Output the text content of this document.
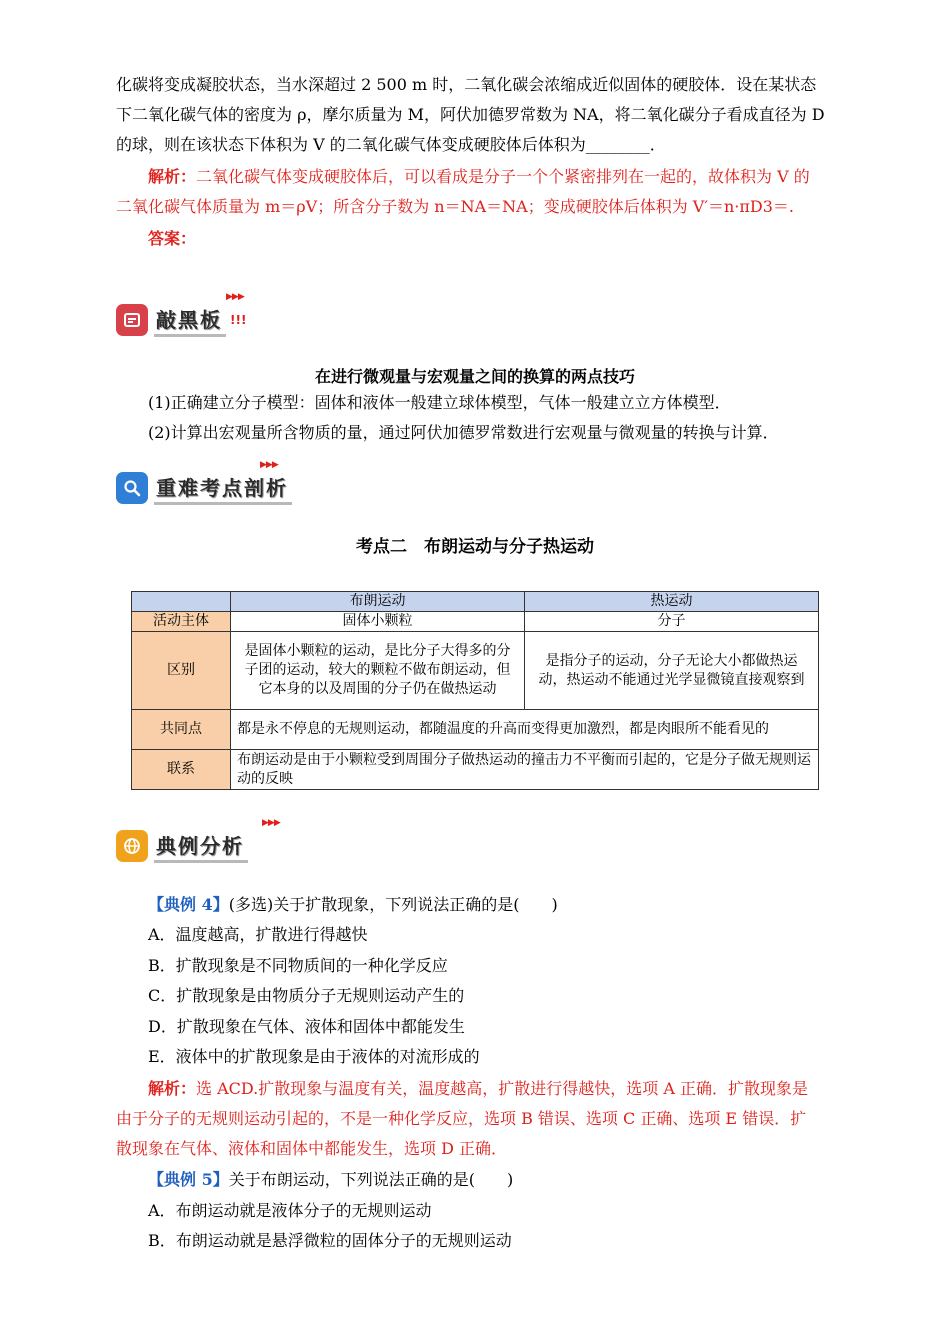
化碳将变成凝胶状态，当水深超过 2 500 m 时，二氧化碳会浓缩成近似固体的硬胶体．设在某状态
下二氧化碳气体的密度为 ρ，摩尔质量为 M，阿伏加德罗常数为 NA，将二氧化碳分子看成直径为 D
的球，则在该状态下体积为 V 的二氧化碳气体变成硬胶体后体积为________．
解析：二氧化碳气体变成硬胶体后，可以看成是分子一个个紧密排列在一起的，故体积为 V 的
二氧化碳气体质量为 m＝ρV；所含分子数为 n＝NA＝NA；变成硬胶体后体积为 V′＝n·πD3＝.
答案：
敲黑板 !!!
▶▶▶
在进行微观量与宏观量之间的换算的两点技巧
(1)正确建立分子模型：固体和液体一般建立球体模型，气体一般建立立方体模型．
(2)计算出宏观量所含物质的量，通过阿伏加德罗常数进行宏观量与微观量的转换与计算．
重难考点剖析
▶▶▶
考点二　布朗运动与分子热运动
	布朗运动	热运动
活动主体	固体小颗粒	分子
区别	是固体小颗粒的运动，是比分子大得多的分子团的运动，较大的颗粒不做布朗运动，但它本身的以及周围的分子仍在做热运动	是指分子的运动，分子无论大小都做热运动，热运动不能通过光学显微镜直接观察到
共同点	都是永不停息的无规则运动，都随温度的升高而变得更加激烈，都是肉眼所不能看见的	
联系	布朗运动是由于小颗粒受到周围分子做热运动的撞击力不平衡而引起的，它是分子做无规则运动的反映	
典例分析
▶▶▶
【典例 4】(多选)关于扩散现象，下列说法正确的是(　　)
A．温度越高，扩散进行得越快
B．扩散现象是不同物质间的一种化学反应
C．扩散现象是由物质分子无规则运动产生的
D．扩散现象在气体、液体和固体中都能发生
E．液体中的扩散现象是由于液体的对流形成的
解析：选 ACD.扩散现象与温度有关，温度越高，扩散进行得越快，选项 A 正确．扩散现象是
由于分子的无规则运动引起的，不是一种化学反应，选项 B 错误、选项 C 正确、选项 E 错误．扩
散现象在气体、液体和固体中都能发生，选项 D 正确．
【典例 5】关于布朗运动，下列说法正确的是(　　)
A．布朗运动就是液体分子的无规则运动
B．布朗运动就是悬浮微粒的固体分子的无规则运动
